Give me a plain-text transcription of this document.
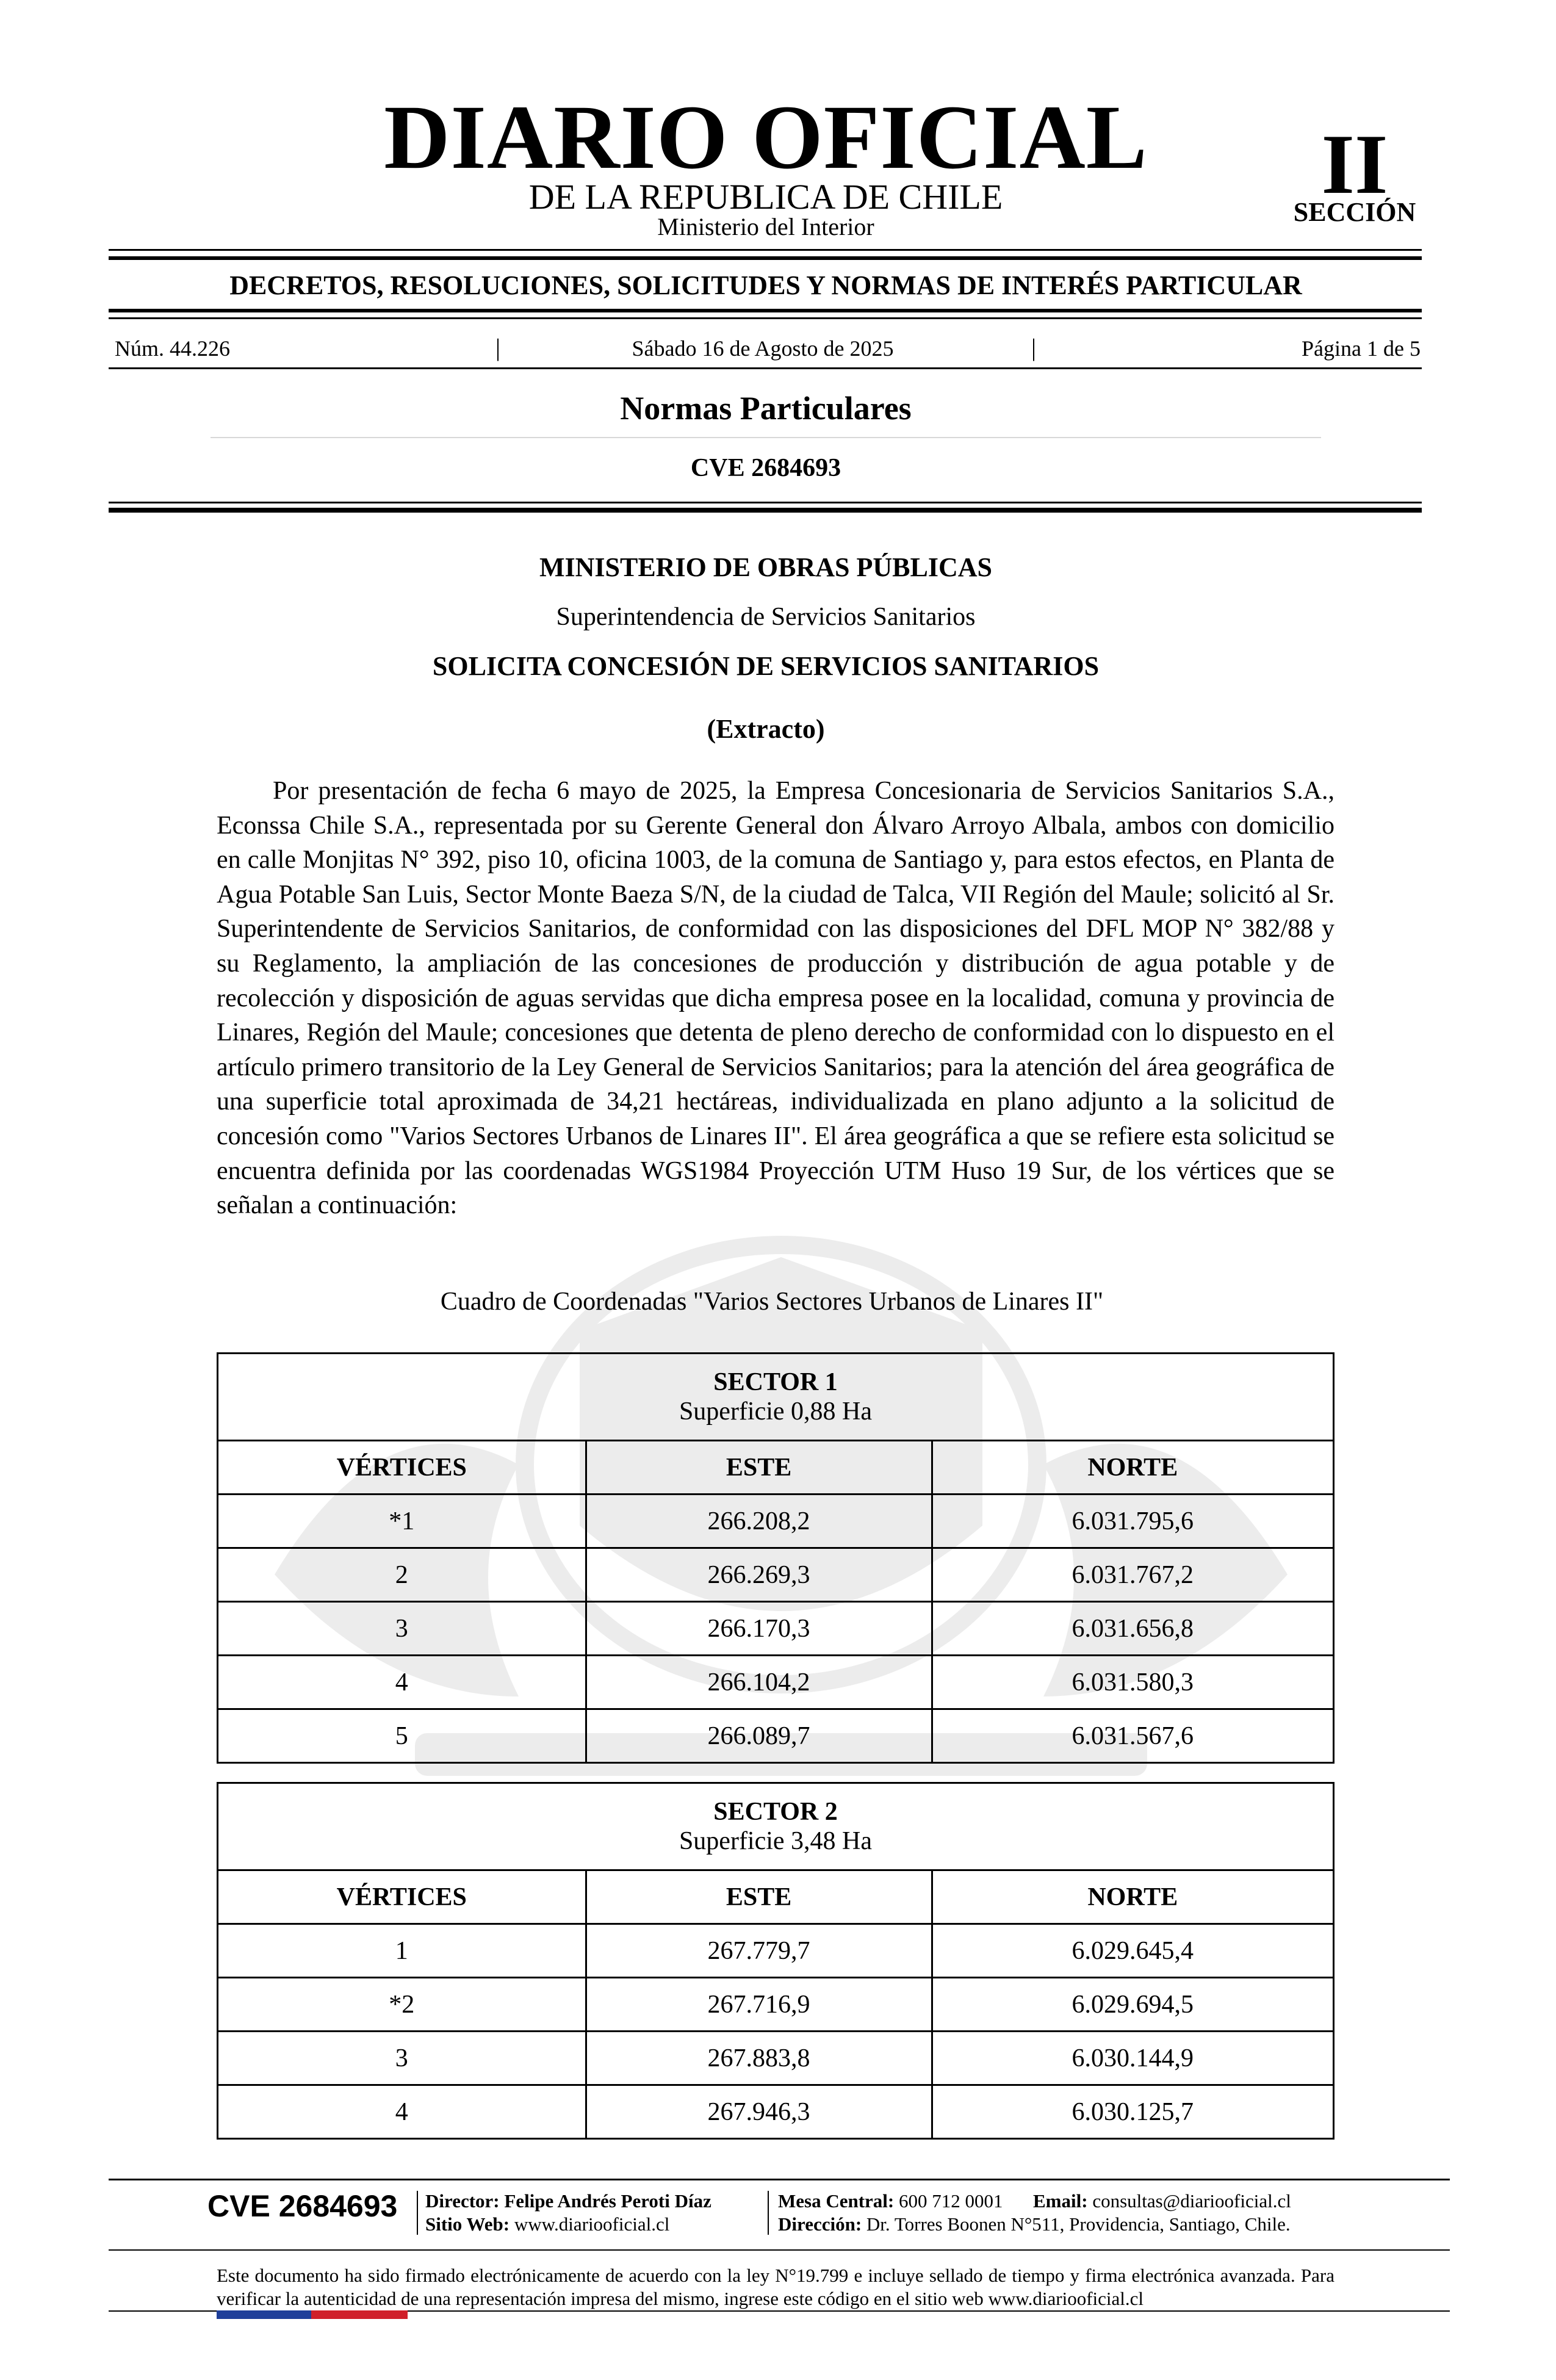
DIARIO OFICIAL
DE LA REPUBLICA DE CHILE
Ministerio del Interior
II
SECCIÓN
DECRETOS, RESOLUCIONES, SOLICITUDES Y NORMAS DE INTERÉS PARTICULAR
Núm. 44.226	|	Sábado 16 de Agosto de 2025	|	Página 1 de 5
Normas Particulares
CVE 2684693
MINISTERIO DE OBRAS PÚBLICAS
Superintendencia de Servicios Sanitarios
SOLICITA CONCESIÓN DE SERVICIOS SANITARIOS
(Extracto)

Por presentación de fecha 6 mayo de 2025, la Empresa Concesionaria de Servicios Sanitarios S.A., Econssa Chile S.A., representada por su Gerente General don Álvaro Arroyo Albala, ambos con domicilio en calle Monjitas N° 392, piso 10, oficina 1003, de la comuna de Santiago y, para estos efectos, en Planta de Agua Potable San Luis, Sector Monte Baeza S/N, de la ciudad de Talca, VII Región del Maule; solicitó al Sr. Superintendente de Servicios Sanitarios, de conformidad con las disposiciones del DFL MOP N° 382/88 y su Reglamento, la ampliación de las concesiones de producción y distribución de agua potable y de recolección y disposición de aguas servidas que dicha empresa posee en la localidad, comuna y provincia de Linares, Región del Maule; concesiones que detenta de pleno derecho de conformidad con lo dispuesto en el artículo primero transitorio de la Ley General de Servicios Sanitarios; para la atención del área geográfica de una superficie total aproximada de 34,21 hectáreas, individualizada en plano adjunto a la solicitud de concesión como "Varios Sectores Urbanos de Linares II". El área geográfica a que se refiere esta solicitud se encuentra definida por las coordenadas WGS1984 Proyección UTM Huso 19 Sur, de los vértices que se señalan a continuación:

Cuadro de Coordenadas "Varios Sectores Urbanos de Linares II"
SECTOR 1
Superficie 0,88 Ha		

VÉRTICES	ESTE	NORTE
*1	266.208,2	6.031.795,6
2	266.269,3	6.031.767,2
3	266.170,3	6.031.656,8
4	266.104,2	6.031.580,3
5	266.089,7	6.031.567,6
SECTOR 2
Superficie 3,48 Ha		

VÉRTICES	ESTE	NORTE
1	267.779,7	6.029.645,4
*2	267.716,9	6.029.694,5
3	267.883,8	6.030.144,9
4	267.946,3	6.030.125,7
CVE 2684693 Director: Felipe Andrés Peroti Díaz
Sitio Web: www.diariooficial.cl
Mesa Central: 600 712 0001 Email: consultas@diariooficial.cl
Dirección: Dr. Torres Boonen N°511, Providencia, Santiago, Chile.

Este documento ha sido firmado electrónicamente de acuerdo con la ley N°19.799 e incluye sellado de tiempo y firma electrónica avanzada. Para verificar la autenticidad de una representación impresa del mismo, ingrese este código en el sitio web www.diariooficial.cl
